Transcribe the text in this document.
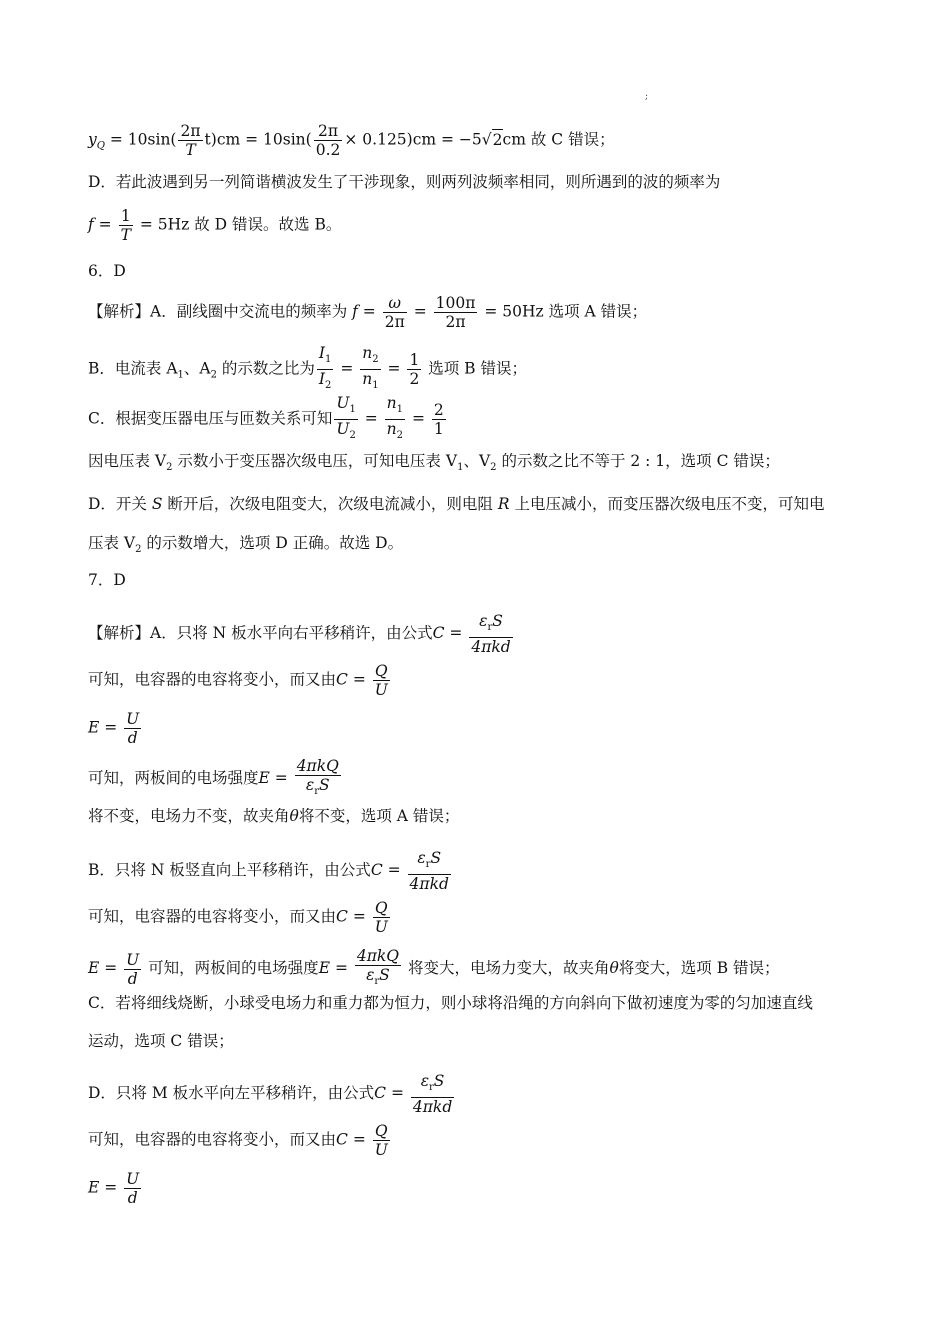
;
$y_Q = 10\sin( \frac{2\pi}{T} t)cm = 10\sin( \frac{2\pi}{0.2} \times 0.125)cm = -5√2cm$ 故 C 错误；
D．若此波遇到另一列简谐横波发生了干涉现象，则两列波频率相同，则所遇到的波的频率为
$f = \frac{1}{T} = 5Hz$ 故 D 错误。故选 B。
6．D
【解析】A．副线圈中交流电的频率为 $f = \frac{\omega}{2\pi} = \frac{100\pi}{2\pi} = 50Hz$ 选项 A 错误；
B．电流表 $A_1$、$A_2$ 的示数之比为 $\frac{I_1}{I_2} = \frac{n_2}{n_1} = \frac{1}{2}$ 选项 B 错误；
C．根据变压器电压与匝数关系可知 $\frac{U_1}{U_2} = \frac{n_1}{n_2} = \frac{2}{1}$
因电压表 $V_2$ 示数小于变压器次级电压，可知电压表 $V_1$、$V_2$ 的示数之比不等于 2 : 1，选项 C 错误；
D．开关 S 断开后，次级电阻变大，次级电流减小，则电阻 R 上电压减小，而变压器次级电压不变，可知电
压表 $V_2$ 的示数增大，选项 D 正确。故选 D。
7．D
【解析】A．只将 N 板水平向右平移稍许，由公式$C = \frac{\varepsilon_rS}{\text{4πkd}}$
可知，电容器的电容将变小，而又由$C = \frac{Q}{U}$
$E = \frac{U}{d}$
可知，两板间的电场强度$E = \frac{\text{4πkQ}}{\varepsilon_rS}$
将不变，电场力不变，故夹角θ将不变，选项 A 错误；
B．只将 N 板竖直向上平移稍许，由公式$C = \frac{\varepsilon_rS}{\text{4πkd}}$
可知，电容器的电容将变小，而又由$C = \frac{Q}{U}$
$E = \frac{U}{d}$ 可知，两板间的电场强度$E = \frac{\text{4πkQ}}{\varepsilon_rS}$ 将变大，电场力变大，故夹角θ将变大，选项 B 错误；
C．若将细线烧断，小球受电场力和重力都为恒力，则小球将沿绳的方向斜向下做初速度为零的匀加速直线
运动，选项 C 错误；
D．只将 M 板水平向左平移稍许，由公式$C = \frac{\varepsilon_rS}{\text{4πkd}}$
可知，电容器的电容将变小，而又由$C = \frac{Q}{U}$
$E = \frac{U}{d}$
